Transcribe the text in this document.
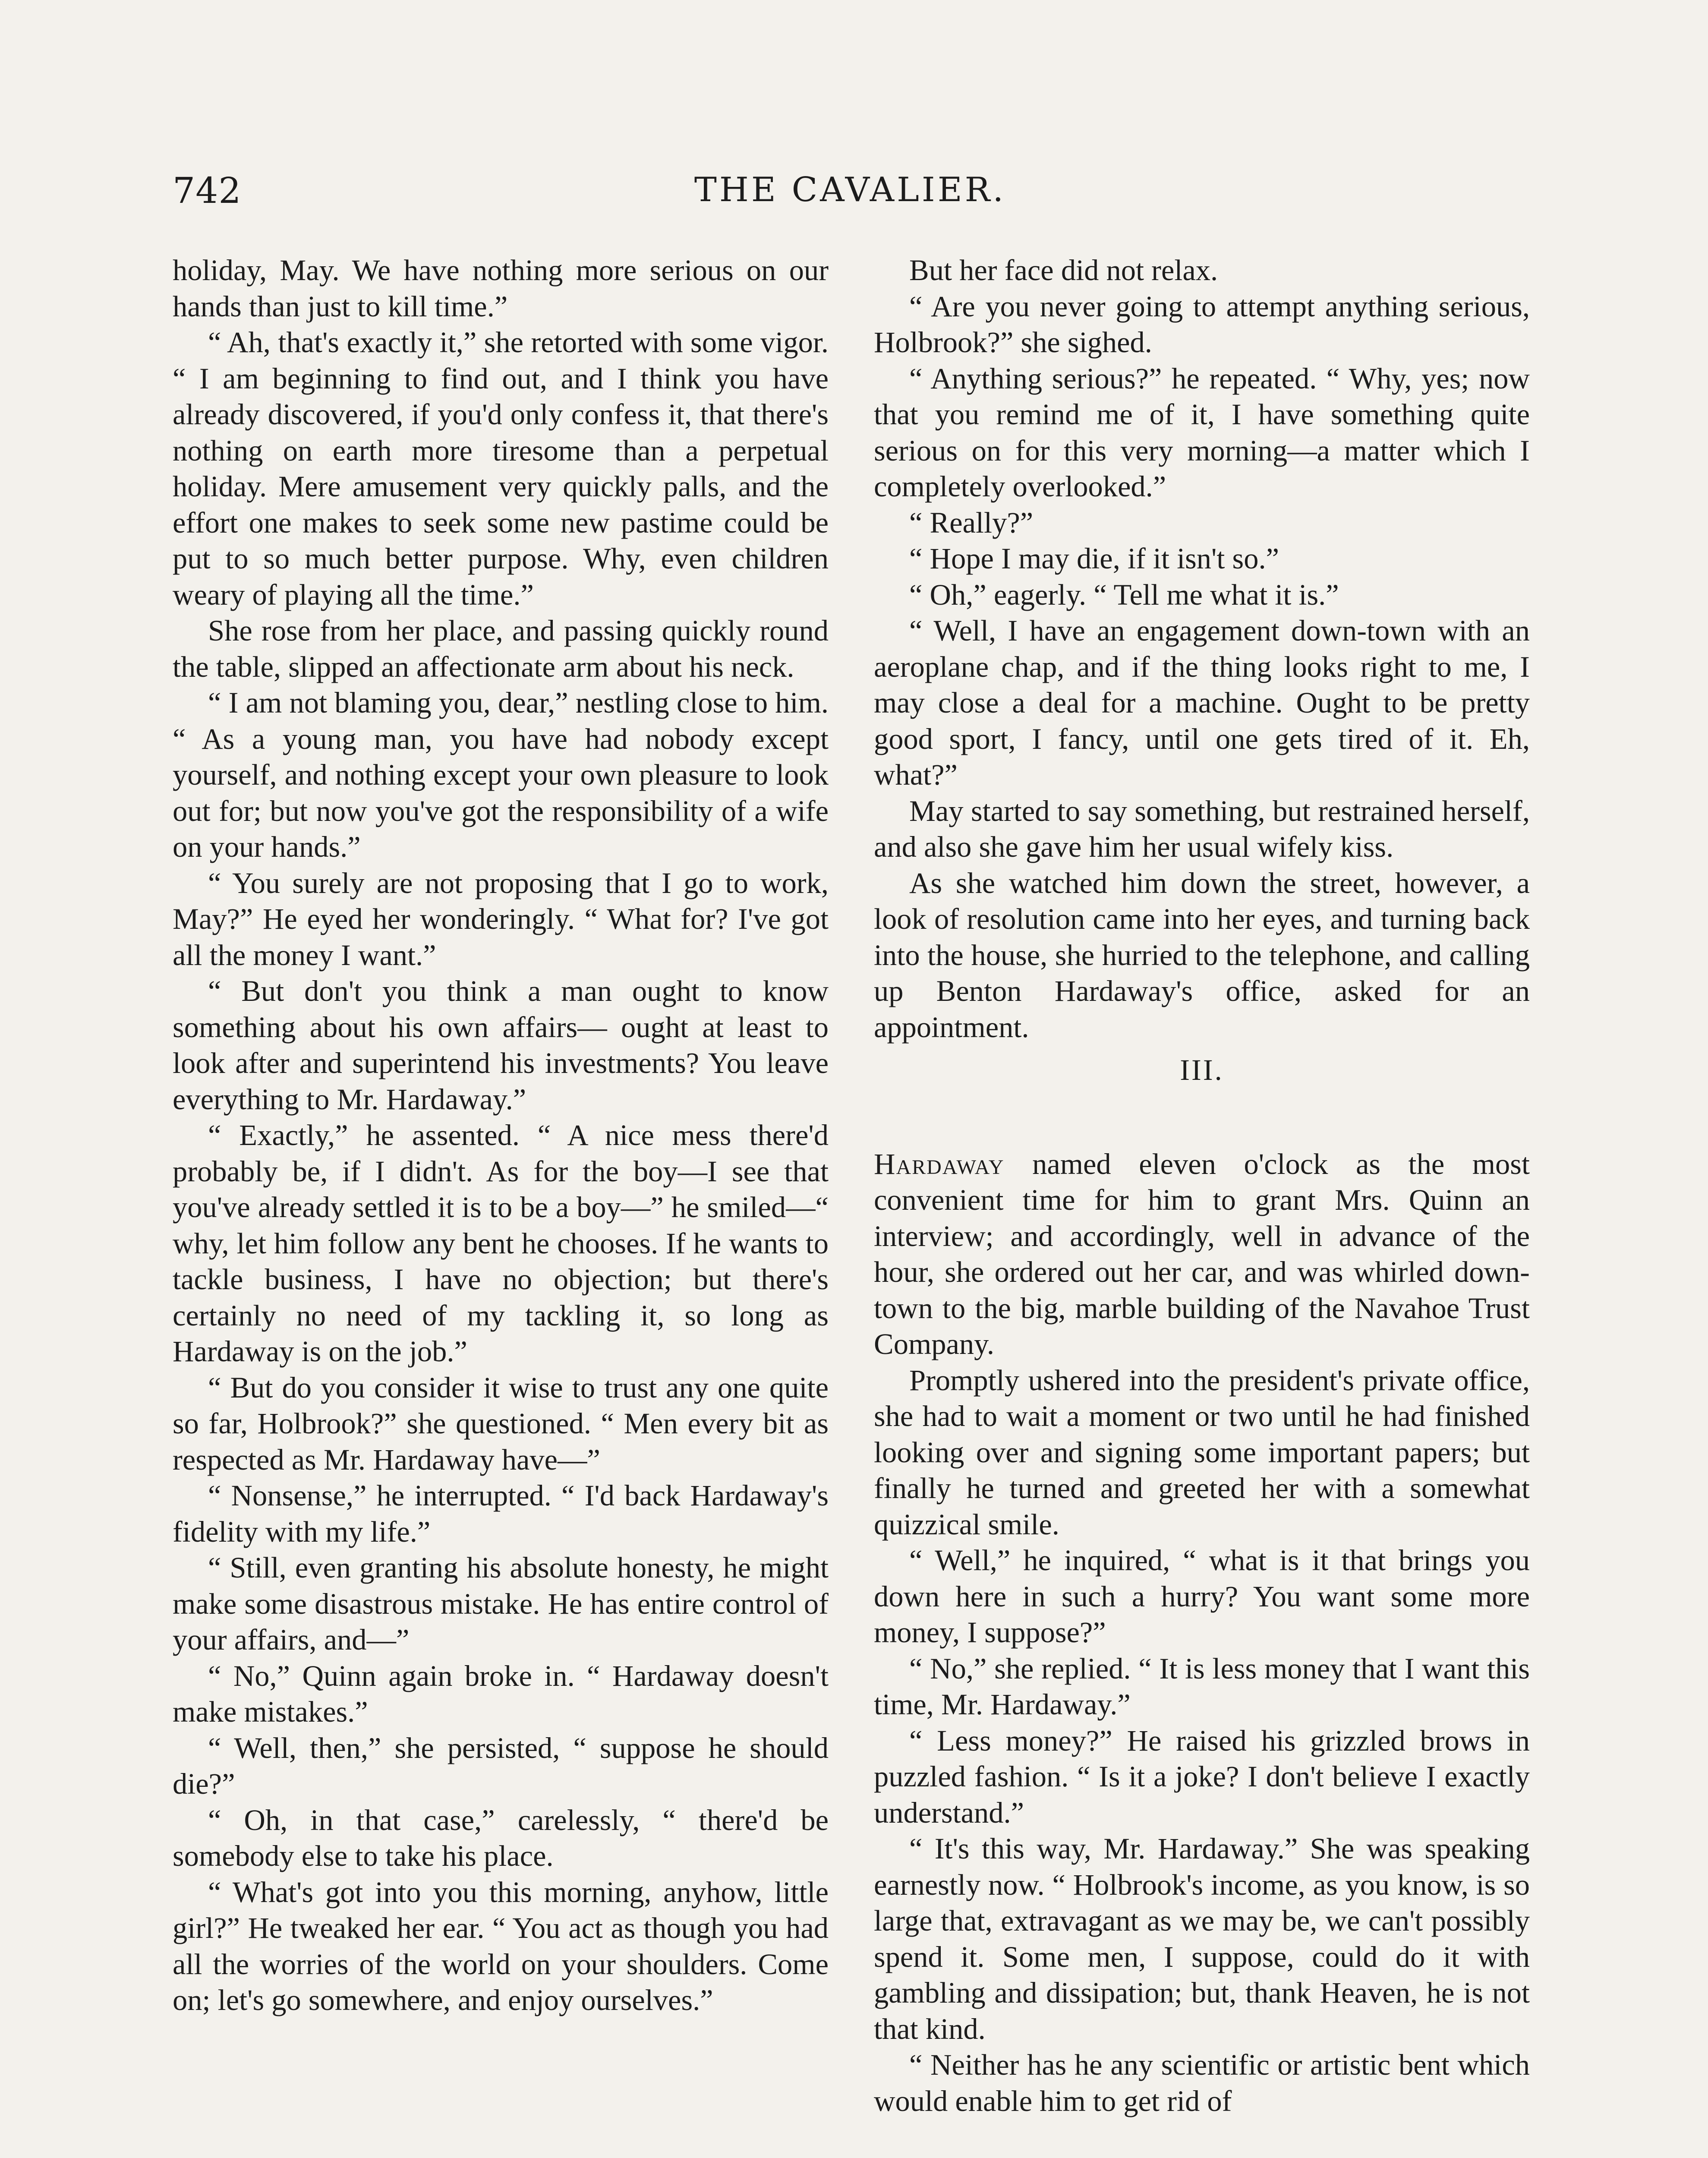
742	THE CAVALIER.

holiday, May. We have nothing more serious on our hands than just to kill time.”

“ Ah, that's exactly it,” she retorted with some vigor. “ I am beginning to find out, and I think you have already discovered, if you'd only confess it, that there's nothing on earth more tiresome than a perpetual holiday. Mere amusement very quickly palls, and the effort one makes to seek some new pastime could be put to so much better purpose. Why, even children weary of playing all the time.”

She rose from her place, and passing quickly round the table, slipped an affectionate arm about his neck.

“ I am not blaming you, dear,” nestling close to him. “ As a young man, you have had nobody except yourself, and nothing except your own pleasure to look out for; but now you've got the responsibility of a wife on your hands.”

“ You surely are not proposing that I go to work, May?” He eyed her wonderingly. “ What for? I've got all the money I want.”

“ But don't you think a man ought to know something about his own affairs— ought at least to look after and superintend his investments? You leave everything to Mr. Hardaway.”

“ Exactly,” he assented. “ A nice mess there'd probably be, if I didn't. As for the boy—I see that you've already settled it is to be a boy—” he smiled—“ why, let him follow any bent he chooses. If he wants to tackle business, I have no objection; but there's certainly no need of my tackling it, so long as Hardaway is on the job.”

“ But do you consider it wise to trust any one quite so far, Holbrook?” she questioned. “ Men every bit as respected as Mr. Hardaway have—”

“ Nonsense,” he interrupted. “ I'd back Hardaway's fidelity with my life.”

“ Still, even granting his absolute honesty, he might make some disastrous mistake. He has entire control of your affairs, and—”

“ No,” Quinn again broke in. “ Hardaway doesn't make mistakes.”

“ Well, then,” she persisted, “ suppose he should die?”

“ Oh, in that case,” carelessly, “ there'd be somebody else to take his place.

“ What's got into you this morning, anyhow, little girl?” He tweaked her ear. “ You act as though you had all the worries of the world on your shoulders. Come on; let's go somewhere, and enjoy ourselves.”

But her face did not relax.

“ Are you never going to attempt anything serious, Holbrook?” she sighed.

“ Anything serious?” he repeated. “ Why, yes; now that you remind me of it, I have something quite serious on for this very morning—a matter which I completely overlooked.”

“ Really?”

“ Hope I may die, if it isn't so.”

“ Oh,” eagerly. “ Tell me what it is.”

“ Well, I have an engagement down-town with an aeroplane chap, and if the thing looks right to me, I may close a deal for a machine. Ought to be pretty good sport, I fancy, until one gets tired of it. Eh, what?”

May started to say something, but restrained herself, and also she gave him her usual wifely kiss.

As she watched him down the street, however, a look of resolution came into her eyes, and turning back into the house, she hurried to the telephone, and calling up Benton Hardaway's office, asked for an appointment.

III.

Hardaway named eleven o'clock as the most convenient time for him to grant Mrs. Quinn an interview; and accordingly, well in advance of the hour, she ordered out her car, and was whirled down-town to the big, marble building of the Navahoe Trust Company.

Promptly ushered into the president's private office, she had to wait a moment or two until he had finished looking over and signing some important papers; but finally he turned and greeted her with a somewhat quizzical smile.

“ Well,” he inquired, “ what is it that brings you down here in such a hurry? You want some more money, I suppose?”

“ No,” she replied. “ It is less money that I want this time, Mr. Hardaway.”

“ Less money?” He raised his grizzled brows in puzzled fashion. “ Is it a joke? I don't believe I exactly understand.”

“ It's this way, Mr. Hardaway.” She was speaking earnestly now. “ Holbrook's income, as you know, is so large that, extravagant as we may be, we can't possibly spend it. Some men, I suppose, could do it with gambling and dissipation; but, thank Heaven, he is not that kind.

“ Neither has he any scientific or artistic bent which would enable him to get rid of
